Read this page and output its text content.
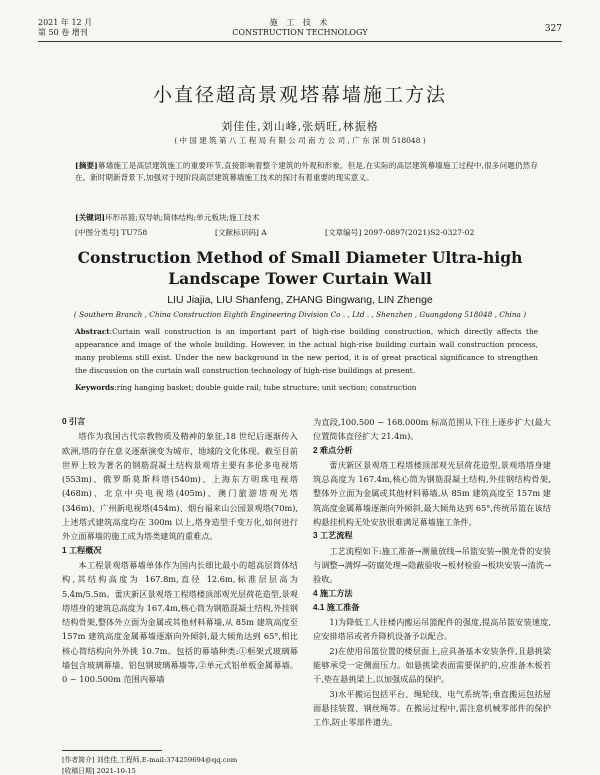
2021 年 12 月
第 50 卷 增刊
施 工 技 术
CONSTRUCTION TECHNOLOGY	327
小直径超高景观塔幕墙施工方法
刘佳佳,刘山峰,张炳旺,林振格
( 中 国 建 筑 第 八 工 程 局 有 限 公 司 南 方 公 司 , 广 东 深 圳 518048 )
[摘要]幕墙施工是高层建筑施工的重要环节,直接影响着整个建筑的外观和形象。但是,在实际的高层建筑幕墙施工过程中,很多问题仍然存在。新时期新背景下,加强对于现阶段高层建筑幕墙施工技术的探讨有着重要的现实意义。
[关键词]环形吊篮;双导轨;简体结构;单元板块;施工技术
[中图分类号] TU758	[文献标识码] A	[文章编号] 2097-0897(2021)S2-0327-02
Construction Method of Small Diameter Ultra-high
Landscape Tower Curtain Wall
LIU Jiajia, LIU Shanfeng, ZHANG Bingwang, LIN Zhenge
( Southern Branch , China Construction Eighth Engineering Division Co . , Ltd . , Shenzhen , Guangdong 518048 , China )
Abstract:Curtain wall construction is an important part of high-rise building construction, which directly affects the appearance and image of the whole building. However, in the actual high-rise building curtain wall construction process, many problems still exist. Under the new background in the new period, it is of great practical significance to strengthen the discussion on the curtain wall construction technology of high-rise buildings at present.
Keywords:ring hanging basket; double guide rail; tube structure; unit section; construction
0 引言

塔作为我国古代宗教物质及精神的象征,18 世纪后逐渐传入欧洲,塔的存在意义逐渐演变为城市、地域的文化体现。截至目前世界上较为著名的钢筋混凝土结构景观塔主要有多伦多电视塔(553m)、俄罗斯莫斯科塔(540m)、上海东方明珠电视塔(468m)、北京中央电视塔(405m)、澳门旅游塔观光塔(346m)、广州新电视塔(454m)、烟台福来山公园景观塔(70m),上述塔式建筑高度均在 300m 以上,塔身造型千变万化,如何进行外立面幕墙的施工成为塔类建筑的重难点。

1 工程概况

本工程景观塔幕墙单体作为国内长细比最小的超高层筒体结构,其结构高度为 167.8m,直径 12.6m,标准层层高为 5.4m/5.5m。蕾庆新区景观塔工程塔楼顶部观光层荷花造型,景观塔塔身的建筑总高度为 167.4m,核心筒为钢筋混凝土结构,外挂钢结构骨架,整体外立面为金属或其他材料幕墙,从 85m 建筑高度至 157m 建筑高度金属幕墙逐渐向外倾斜,最大倾角达到 65°,相比核心筒结构向外外挑 10.7m。包括的幕墙种类:①框架式玻璃幕墙包含玻璃幕墙、铝包钢玻璃幕墙等,②单元式铝单板金属幕墙。0 ~ 100.500m 范围内幕墙

为直段,100.500 ~ 168.000m 标高范围从下往上逐步扩大(最大位置简体直径扩大 21.4m)。

2 难点分析

蕾庆新区景观塔工程塔楼顶部观光层荷花造型,景观塔塔身建筑总高度为 167.4m,核心筒为钢筋混凝土结构,外挂钢结构骨架,整体外立面为金属或其他材料幕墙,从 85m 建筑高度至 157m 建筑高度金属幕墙逐渐向外倾斜,最大倾角达到 65°,传统吊篮在该结构悬挂机构无处安放很难满足幕墙施工条件。

3 工艺流程

工艺流程如下:施工准备→测量放线→吊篮安装→膜龙骨的安装与调整→满焊→防腐处理→隐蔽验收→板材检验→板块安装→清洗→验收。

4 施工方法
4.1 施工准备

1)为降低工人往楼内搬运吊篮配件的强度,提高吊篮安装速度,应安排塔吊或者升降机设备予以配合。

2)在使用吊篮位置的楼层面上,应具备基本安装条件,且悬挑梁能够承受一定侧面压力。如悬挑梁表面需要保护的,应准备木板若干,垫在悬挑梁上,以加强成品的保护。

3)水平搬运包括平台、绳轮线、电气系统等;垂直搬运包括屋面悬挂装置、钢丝绳等。在搬运过程中,需注意机械零部件的保护工作,防止零部件遗失。

[作者简介] 刘佳佳,工程师,E-mail:374259694@qq.com
[收稿日期] 2021-10-15
